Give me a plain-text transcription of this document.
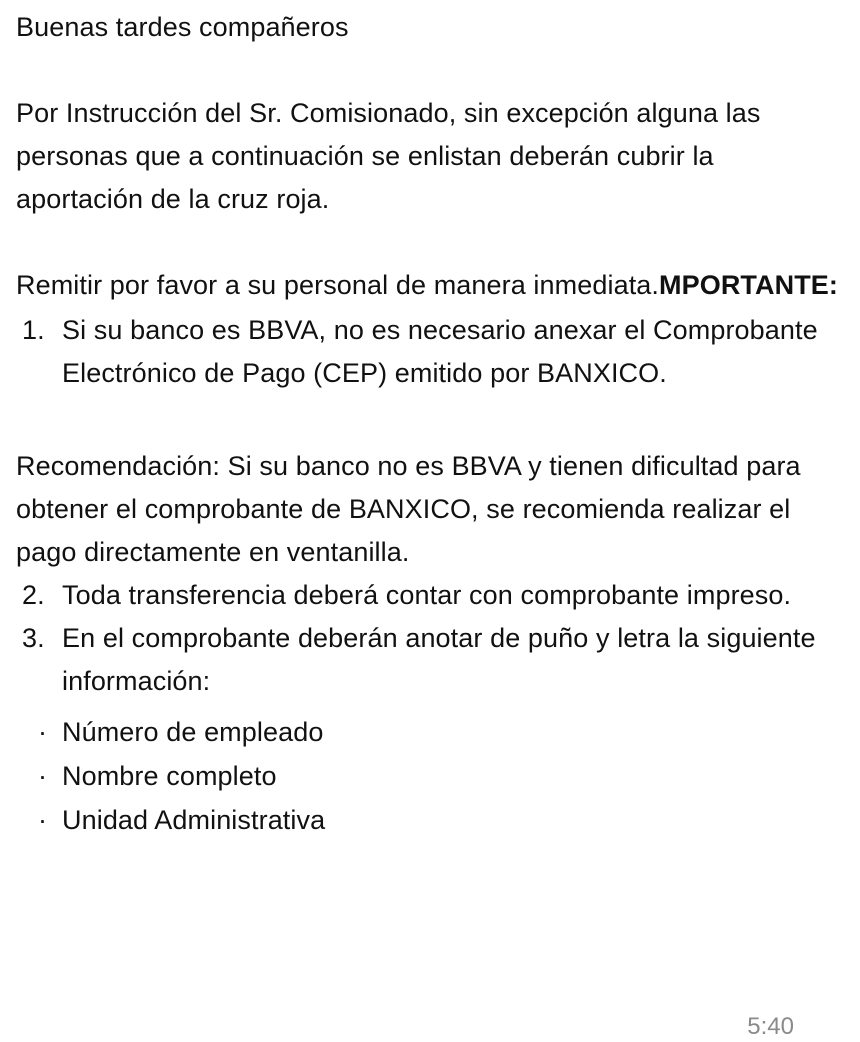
Buenas tardes compañeros

Por Instrucción del Sr. Comisionado, sin excepción alguna las personas que a continuación se enlistan deberán cubrir la aportación de la cruz roja.

Remitir por favor a su personal de manera inmediata.MPORTANTE:

1. Si su banco es BBVA, no es necesario anexar el Comprobante Electrónico de Pago (CEP) emitido por BANXICO.

Recomendación: Si su banco no es BBVA y tienen dificultad para obtener el comprobante de BANXICO, se recomienda realizar el pago directamente en ventanilla.

2. Toda transferencia deberá contar con comprobante impreso.
3. En el comprobante deberán anotar de puño y letra la siguiente información:
· Número de empleado
· Nombre completo
· Unidad Administrativa
5:40
